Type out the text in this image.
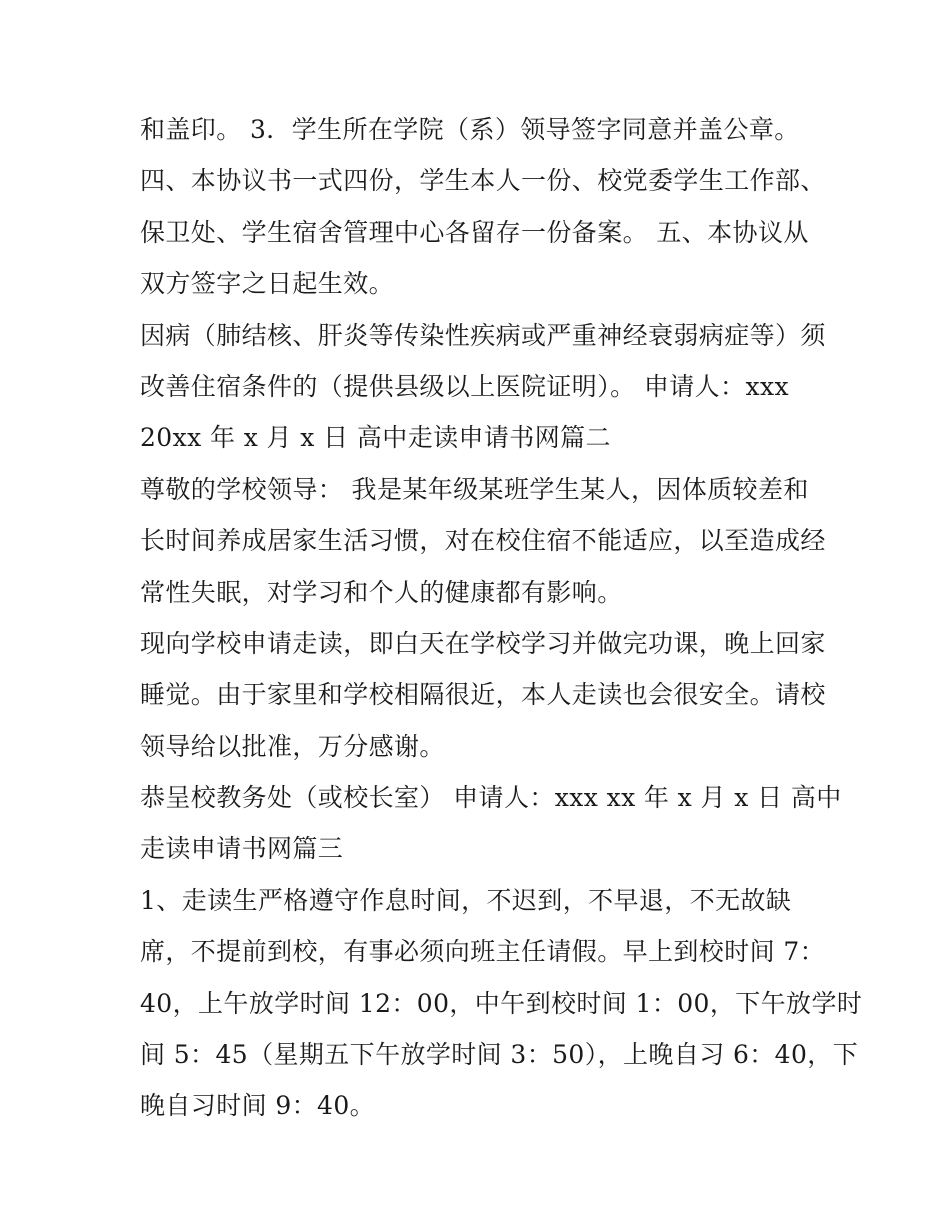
和盖印。 3．学生所在学院（系）领导签字同意并盖公章。
四、本协议书一式四份，学生本人一份、校党委学生工作部、
保卫处、学生宿舍管理中心各留存一份备案。 五、本协议从
双方签字之日起生效。
因病（肺结核、肝炎等传染性疾病或严重神经衰弱病症等）须
改善住宿条件的（提供县级以上医院证明）。 申请人：xxx
20xx 年 x 月 x 日 高中走读申请书网篇二
尊敬的学校领导： 我是某年级某班学生某人，因体质较差和
长时间养成居家生活习惯，对在校住宿不能适应，以至造成经
常性失眠，对学习和个人的健康都有影响。
现向学校申请走读，即白天在学校学习并做完功课，晚上回家
睡觉。由于家里和学校相隔很近，本人走读也会很安全。请校
领导给以批准，万分感谢。
恭呈校教务处（或校长室） 申请人：xxx xx 年 x 月 x 日 高中
走读申请书网篇三
1、走读生严格遵守作息时间，不迟到，不早退，不无故缺
席，不提前到校，有事必须向班主任请假。早上到校时间 7：
40，上午放学时间 12：00，中午到校时间 1：00，下午放学时
间 5：45（星期五下午放学时间 3：50），上晚自习 6：40，下
晚自习时间 9：40。
